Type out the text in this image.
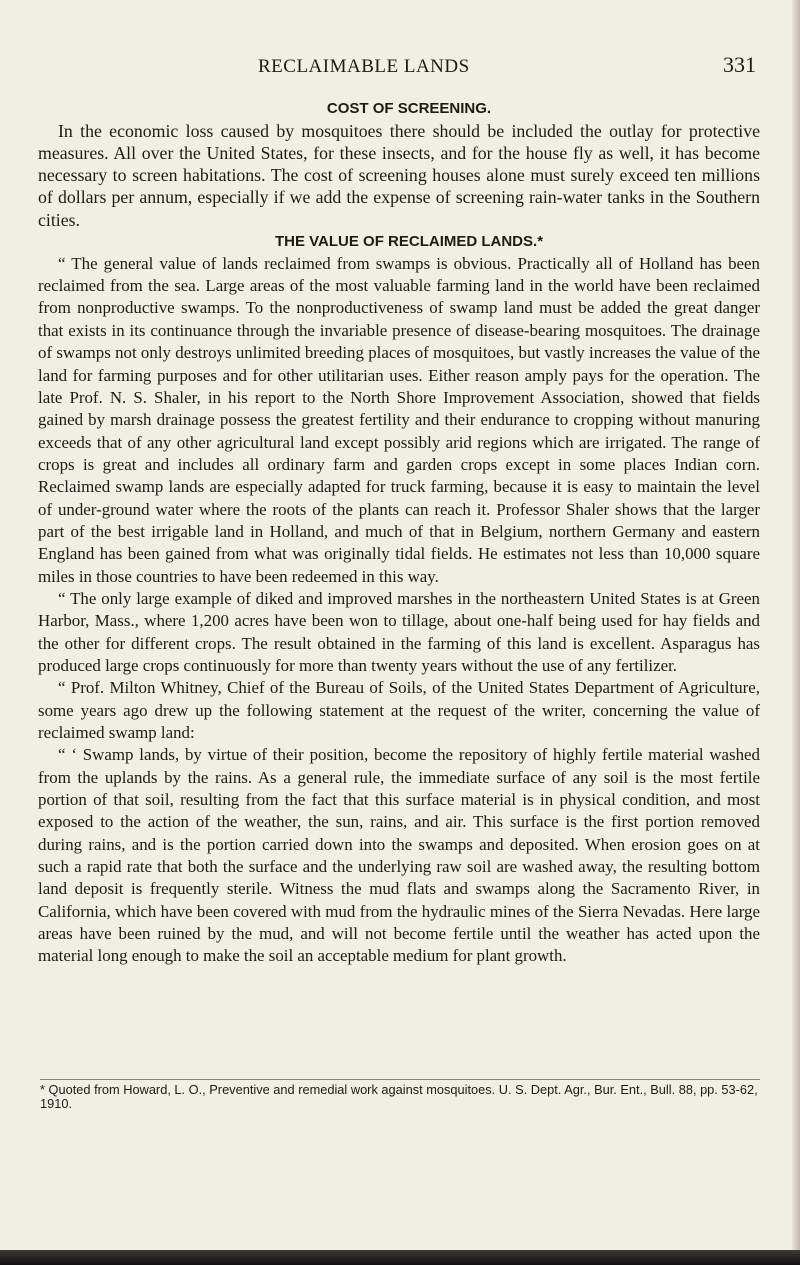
RECLAIMABLE LANDS	331
COST OF SCREENING.

In the economic loss caused by mosquitoes there should be included the outlay for protective measures. All over the United States, for these insects, and for the house fly as well, it has become necessary to screen habitations. The cost of screening houses alone must surely exceed ten millions of dollars per annum, especially if we add the expense of screening rain-water tanks in the Southern cities.

THE VALUE OF RECLAIMED LANDS.*

“ The general value of lands reclaimed from swamps is obvious. Practically all of Holland has been reclaimed from the sea. Large areas of the most valuable farming land in the world have been reclaimed from nonproductive swamps. To the nonproductiveness of swamp land must be added the great danger that exists in its continuance through the invariable presence of disease-bearing mosquitoes. The drainage of swamps not only destroys unlimited breeding places of mosquitoes, but vastly increases the value of the land for farming purposes and for other utilitarian uses. Either reason amply pays for the operation. The late Prof. N. S. Shaler, in his report to the North Shore Improvement Association, showed that fields gained by marsh drainage possess the greatest fertility and their endurance to cropping without manuring exceeds that of any other agricultural land except possibly arid regions which are irrigated. The range of crops is great and includes all ordinary farm and garden crops except in some places Indian corn. Reclaimed swamp lands are especially adapted for truck farming, because it is easy to maintain the level of under-ground water where the roots of the plants can reach it. Professor Shaler shows that the larger part of the best irrigable land in Holland, and much of that in Belgium, northern Germany and eastern England has been gained from what was originally tidal fields. He estimates not less than 10,000 square miles in those countries to have been redeemed in this way.

“ The only large example of diked and improved marshes in the northeastern United States is at Green Harbor, Mass., where 1,200 acres have been won to tillage, about one-half being used for hay fields and the other for different crops. The result obtained in the farming of this land is excellent. Asparagus has produced large crops continuously for more than twenty years without the use of any fertilizer.

“ Prof. Milton Whitney, Chief of the Bureau of Soils, of the United States Department of Agriculture, some years ago drew up the following statement at the request of the writer, concerning the value of reclaimed swamp land:

“ ‘ Swamp lands, by virtue of their position, become the repository of highly fertile material washed from the uplands by the rains. As a general rule, the immediate surface of any soil is the most fertile portion of that soil, resulting from the fact that this surface material is in physical condition, and most exposed to the action of the weather, the sun, rains, and air. This surface is the first portion removed during rains, and is the portion carried down into the swamps and deposited. When erosion goes on at such a rapid rate that both the surface and the underlying raw soil are washed away, the resulting bottom land deposit is frequently sterile. Witness the mud flats and swamps along the Sacramento River, in California, which have been covered with mud from the hydraulic mines of the Sierra Nevadas. Here large areas have been ruined by the mud, and will not become fertile until the weather has acted upon the material long enough to make the soil an acceptable medium for plant growth.

* Quoted from Howard, L. O., Preventive and remedial work against mosquitoes. U. S. Dept. Agr., Bur. Ent., Bull. 88, pp. 53-62, 1910.
